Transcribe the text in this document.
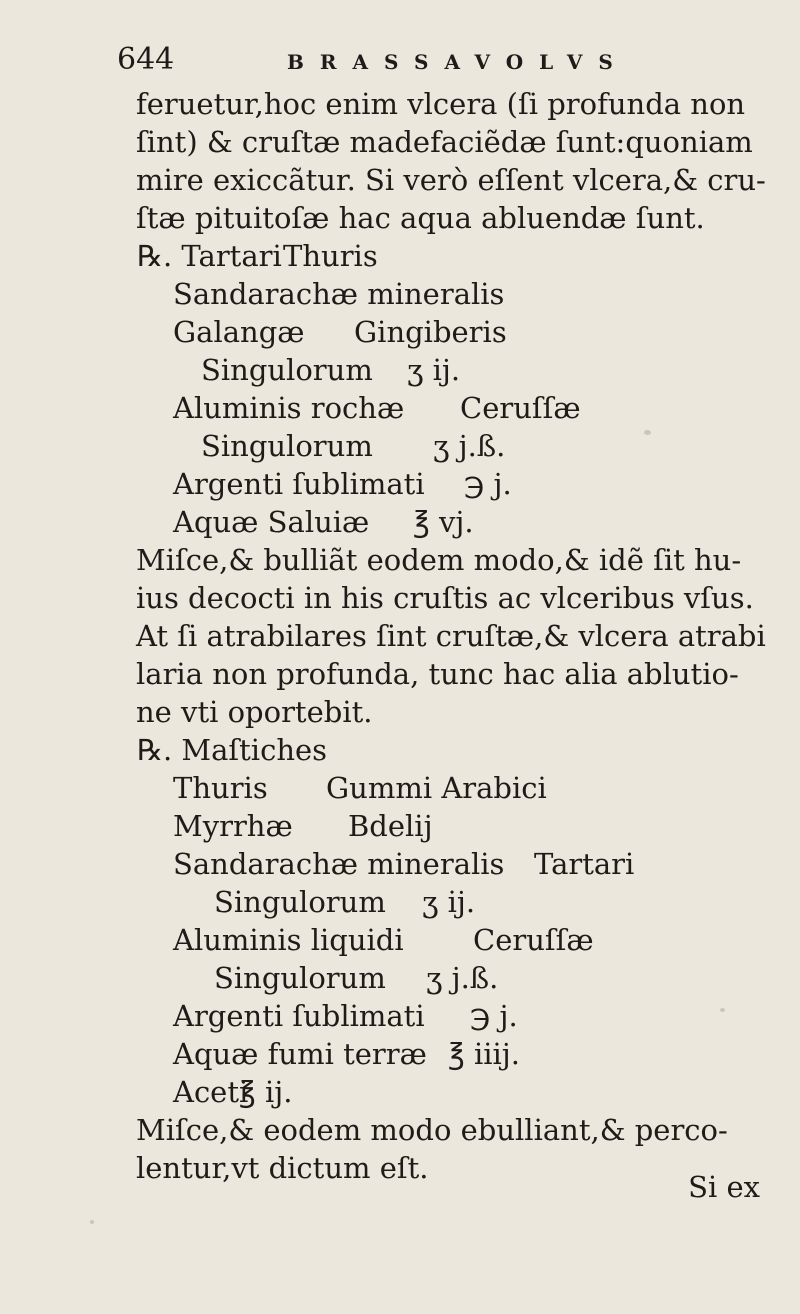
644	BRASSAVOLVS
feruetur,hoc enim vlcera (ſi profunda non
ſint) & cruſtæ madefaciẽdæ ſunt:quoniam
mire exiccãtur. Si verò eſſent vlcera,& cru-
ſtæ pituitoſæ hac aqua abluendæ ſunt.
℞. Tartari Thuris
Sandarachæ mineralis
Galangæ Gingiberis
Singulorum ʒ ij.
Aluminis rochæ Ceruſſæ
Singulorum ʒ j.ß.
Argenti ſublimati ℈ j.
Aquæ Saluiæ ℥ vj.
Miſce,& bulliãt eodem modo,& idẽ ſit hu-
ius decocti in his cruſtis ac vlceribus vſus.
At ſi atrabilares ſint cruſtæ,& vlcera atrabi
laria non profunda, tunc hac alia ablutio-
ne vti oportebit.
℞. Maſtiches
Thuris Gummi Arabici
Myrrhæ Bdelij
Sandarachæ mineralis Tartari
Singulorum ʒ ij.
Aluminis liquidi Ceruſſæ
Singulorum ʒ j.ß.
Argenti ſublimati ℈ j.
Aquæ fumi terræ ℥ iiij.
Aceti
℥ ij.
Miſce,& eodem modo ebulliant,& perco-
lentur,vt dictum eſt.
Si ex
